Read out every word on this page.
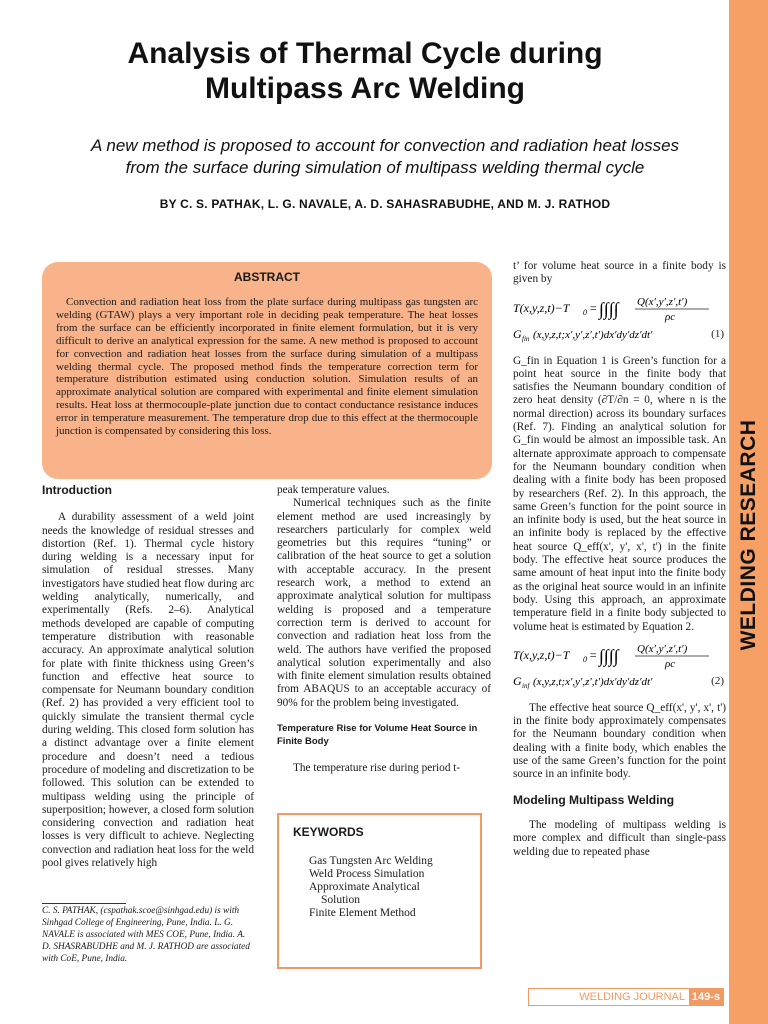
WELDING RESEARCH
Analysis of Thermal Cycle during
Multipass Arc Welding
A new method is proposed to account for convection and radiation heat losses
from the surface during simulation of multipass welding thermal cycle
BY C. S. PATHAK, L. G. NAVALE, A. D. SAHASRABUDHE, AND M. J. RATHOD

ABSTRACT

Convection and radiation heat loss from the plate surface during multipass gas tungsten arc welding (GTAW) plays a very important role in deciding peak temperature. The heat losses from the surface can be efficiently incorporated in finite element formulation, but it is very difficult to derive an analytical expression for the same. A new method is proposed to account for convection and radiation heat losses from the surface during simulation of a multipass welding thermal cycle. The proposed method finds the temperature correction term for temperature distribution estimated using conduction solution. Simulation results of an approximate analytical solution are compared with experimental and finite element simulation results. Heat loss at thermocouple-plate junction due to contact conductance resistance induces error in temperature measurement. The temperature drop due to this effect at the thermocouple junction is compensated by considering this loss.

Introduction

A durability assessment of a weld joint needs the knowledge of residual stresses and distortion (Ref. 1). Thermal cycle history during welding is a necessary input for simulation of residual stresses. Many investigators have studied heat flow during arc welding analytically, numerically, and experimentally (Refs. 2–6). Analytical methods developed are capable of computing temperature distribution with reasonable accuracy. An approximate analytical solution for plate with finite thickness using Green’s function and effective heat source to compensate for Neumann boundary condition (Ref. 2) has provided a very efficient tool to quickly simulate the transient thermal cycle during welding. This closed form solution has a distinct advantage over a finite element procedure and doesn’t need a tedious procedure of modeling and discretization to be followed. This solution can be extended to multipass welding using the principle of superposition; however, a closed form solution considering convection and radiation heat losses is very difficult to achieve. Neglecting convection and radiation heat loss for the weld pool gives relatively high

C. S. PATHAK, (cspathak.scoe@sinhgad.edu) is with Sinhgad College of Engineering, Pune, India. L. G. NAVALE is associated with MES COE, Pune, India. A. D. SHASRABUDHE and M. J. RATHOD are associated with CoE, Pune, India.

peak temperature values.

Numerical techniques such as the finite element method are used increasingly by researchers particularly for complex weld geometries but this requires “tuning” or calibration of the heat source to get a solution with acceptable accuracy. In the present research work, a method to extend an approximate analytical solution for multipass welding is proposed and a temperature correction term is derived to account for convection and radiation heat loss from the weld. The authors have verified the proposed analytical solution experimentally and also with finite element simulation results obtained from ABAQUS to an acceptable accuracy of 90% for the problem being investigated.

Temperature Rise for Volume Heat Source in Finite Body

The temperature rise during period t-

KEYWORDS

Gas Tungsten Arc Welding

Weld Process Simulation

Approximate Analytical

Solution

Finite Element Method

t’ for volume heat source in a finite body is given by

T(x,y,z,t)−T 0 = ∫∫∫∫ Q(x′,y′,z′,t′)
ρc
G fin (x,y,z,t;x′,y′,z′,t′)dx′dy′dz′dt′	(1)

G_fin in Equation 1 is Green’s function for a point heat source in the finite body that satisfies the Neumann boundary condition of zero heat density (∂T/∂n = 0, where n is the normal direction) across its boundary surfaces (Ref. 7). Finding an analytical solution for G_fin would be almost an impossible task. An alternate approximate approach to compensate for the Neumann boundary condition when dealing with a finite body has been proposed by researchers (Ref. 2). In this approach, the same Green’s function for the point source in an infinite body is used, but the heat source in an infinite body is replaced by the effective heat source Q_eff(x', y', x', t') in the finite body. The effective heat source produces the same amount of heat input into the finite body as the original heat source would in an infinite body. Using this approach, an approximate temperature field in a finite body subjected to volume heat is estimated by Equation 2.

T(x,y,z,t)−T 0 = ∫∫∫∫ Q(x′,y′,z′,t′)
ρc
G inf (x,y,z,t;x′,y′,z′,t′)dx′dy′dz′dt′	(2)

The effective heat source Q_eff(x', y', x', t') in the finite body approximately compensates for the Neumann boundary condition when dealing with a finite body, which enables the use of the same Green’s function for the point source in an infinite body.

Modeling Multipass Welding

The modeling of multipass welding is more complex and difficult than single-pass welding due to repeated phase

WELDING JOURNAL 149-s
